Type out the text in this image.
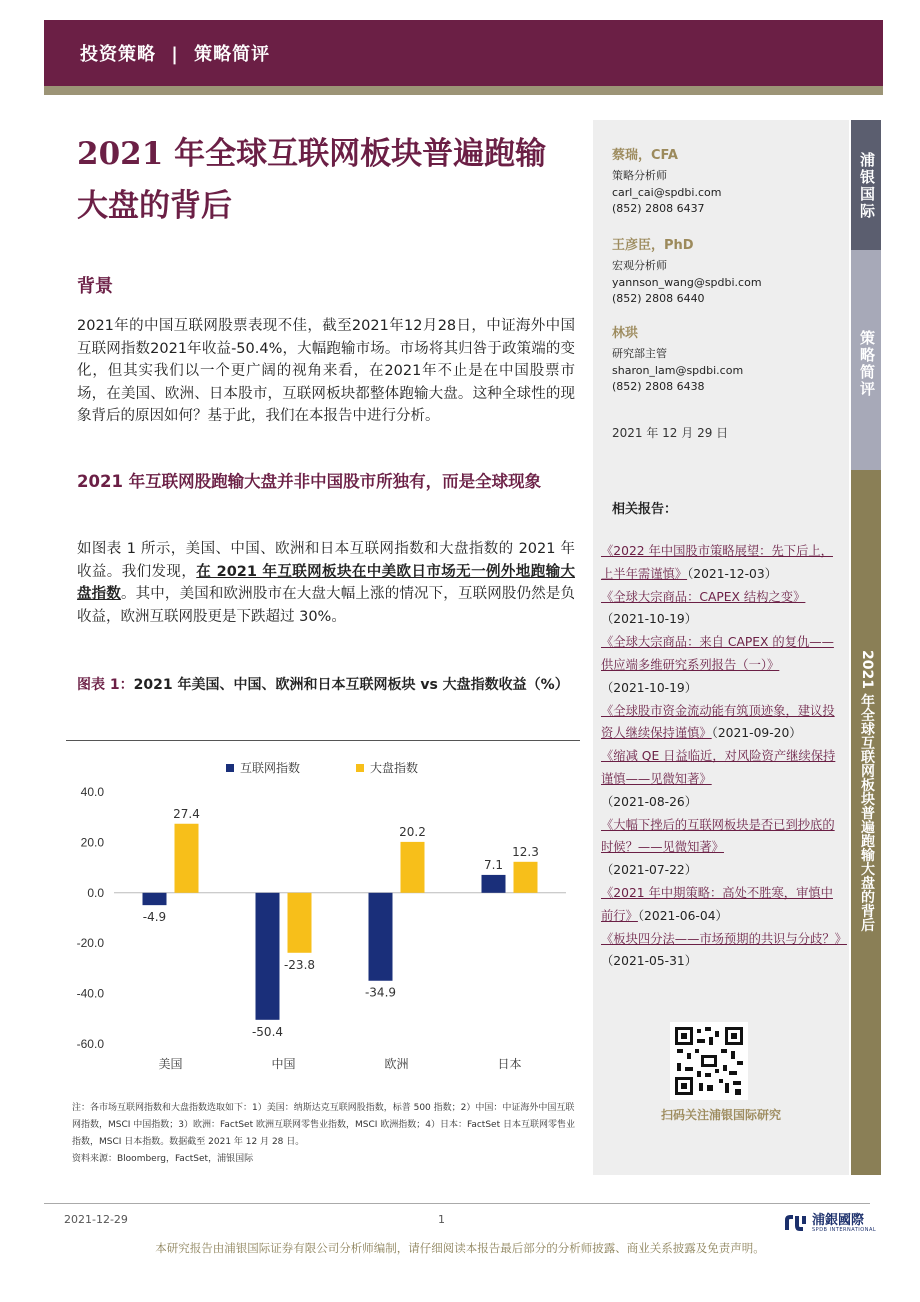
投资策略 | 策略简评
2021 年全球互联网板块普遍跑输大盘的背后
背景
2021年的中国互联网股票表现不佳，截至2021年12月28日，中证海外中国互联网指数2021年收益-50.4%，大幅跑输市场。市场将其归咎于政策端的变化，但其实我们以一个更广阔的视角来看，在2021年不止是在中国股票市场，在美国、欧洲、日本股市，互联网板块都整体跑输大盘。这种全球性的现象背后的原因如何？基于此，我们在本报告中进行分析。
2021 年互联网股跑输大盘并非中国股市所独有，而是全球现象
如图表 1 所示，美国、中国、欧洲和日本互联网指数和大盘指数的 2021 年收益。我们发现，在 2021 年互联网板块在中美欧日市场无一例外地跑输大盘指数。其中，美国和欧洲股市在大盘大幅上涨的情况下，互联网股仍然是负收益，欧洲互联网股更是下跌超过 30%。
图表 1：2021 年美国、中国、欧洲和日本互联网板块 vs 大盘指数收益（%）
40.0
20.0
0.0
-20.0
-40.0
-60.0
互联网指数	大盘指数
-4.9
27.4
美国
-50.4
-23.8
中国
-34.9
20.2
欧洲
7.1
12.3
日本
注：各市场互联网指数和大盘指数选取如下：1）美国：纳斯达克互联网股指数，标普 500 指数；2）中国：中证海外中国互联网指数，MSCI 中国指数；3）欧洲：FactSet 欧洲互联网零售业指数，MSCI 欧洲指数；4）日本：FactSet 日本互联网零售业指数，MSCI 日本指数。数据截至 2021 年 12 月 28 日。
资料来源：Bloomberg，FactSet，浦银国际
蔡瑞，CFA
策略分析师
carl_cai@spdbi.com
(852) 2808 6437
王彦臣，PhD
宏观分析师
yannson_wang@spdbi.com
(852) 2808 6440
林珙
研究部主管
sharon_lam@spdbi.com
(852) 2808 6438
2021 年 12 月 29 日
相关报告：
《2022 年中国股市策略展望：先下后上，上半年需谨慎》（2021-12-03）
《全球大宗商品：CAPEX 结构之变》
（2021-10-19）
《全球大宗商品：来自 CAPEX 的复仇——供应端多维研究系列报告（一）》
（2021-10-19）
《全球股市资金流动能有筑顶迹象，建议投资人继续保持谨慎》（2021-09-20）
《缩减 QE 日益临近，对风险资产继续保持谨慎——见微知著》
（2021-08-26）
《大幅下挫后的互联网板块是否已到抄底的时候？——见微知著》
（2021-07-22）
《2021 年中期策略：高处不胜寒，审慎中前行》（2021-06-04）
《板块四分法——市场预期的共识与分歧？》（2021-05-31）
扫码关注浦银国际研究
浦银国际
策略简评
2021 年全球互联网板块普遍跑输大盘的背后
2021-12-29	1	浦銀國際
SPDB INTERNATIONAL
本研究报告由浦银国际证券有限公司分析师编制，请仔细阅读本报告最后部分的分析师披露、商业关系披露及免责声明。
